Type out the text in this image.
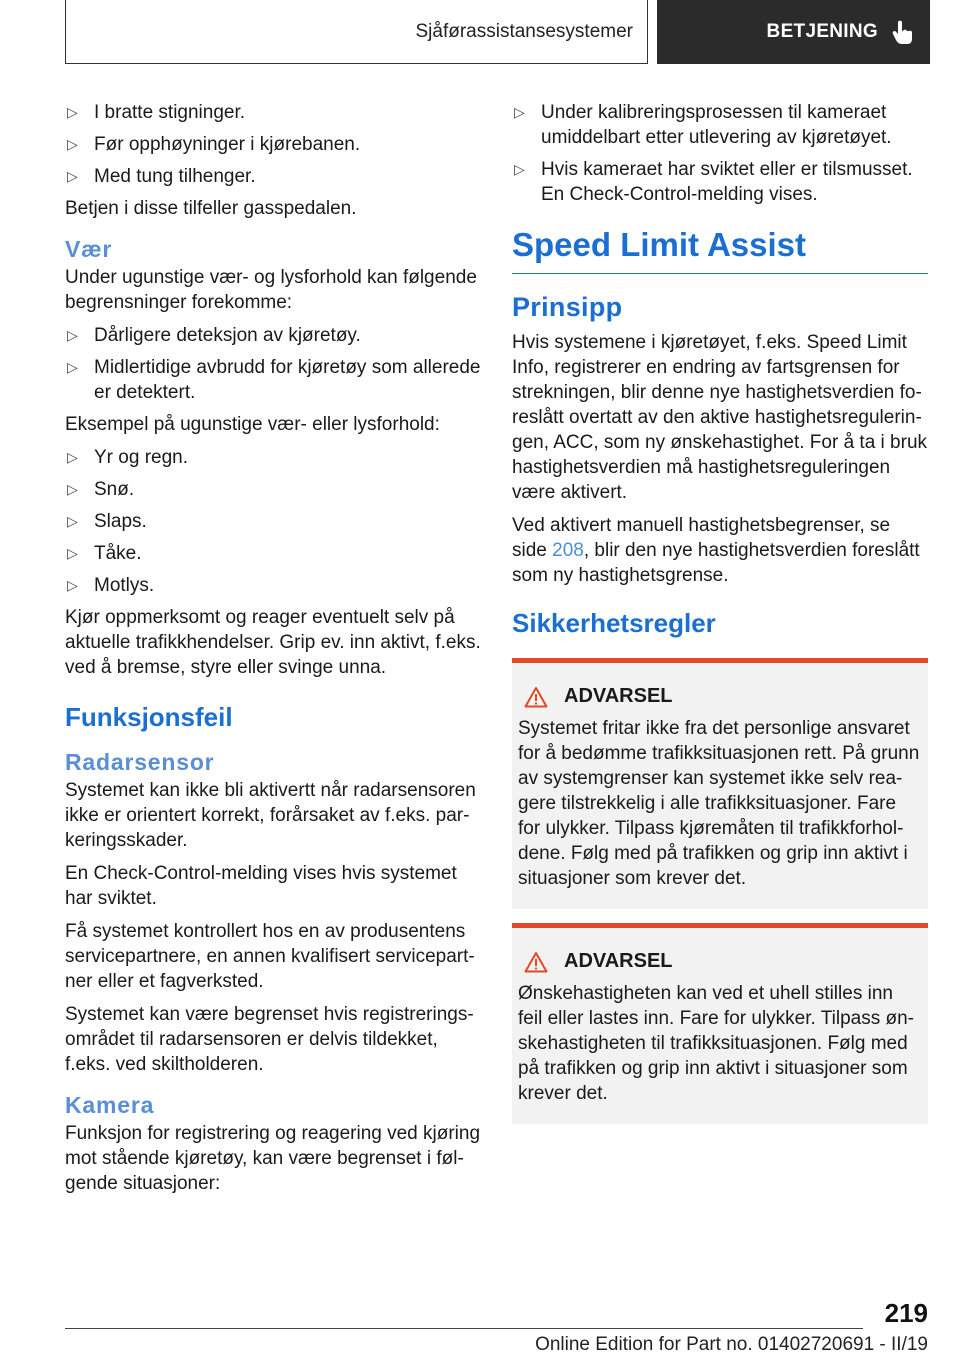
Sjåførassistansesystemer	BETJENING
▷ I bratte stigninger.
▷ Før opphøyninger i kjørebanen.
▷ Med tung tilhenger.

Betjen i disse tilfeller gasspedalen.

Vær

Under ugunstige vær- og lysforhold kan følgende begrensninger forekomme:

▷ Dårligere deteksjon av kjøretøy.
▷ Midlertidige avbrudd for kjøretøy som allerede er detektert.

Eksempel på ugunstige vær- eller lysforhold:

▷ Yr og regn.
▷ Snø.
▷ Slaps.
▷ Tåke.
▷ Motlys.

Kjør oppmerksomt og reager eventuelt selv på aktuelle trafikkhendelser. Grip ev. inn aktivt, f.eks. ved å bremse, styre eller svinge unna.

Funksjonsfeil
Radarsensor

Systemet kan ikke bli aktivertt når radarsensoren ikke er orientert korrekt, forårsaket av f.eks. parkeringsskader.

En Check-Control-melding vises hvis systemet har sviktet.

Få systemet kontrollert hos en av produsentens servicepartnere, en annen kvalifisert servicepartner eller et fagverksted.

Systemet kan være begrenset hvis registreringsområdet til radarsensoren er delvis tildekket, f.eks. ved skiltholderen.

Kamera

Funksjon for registrering og reagering ved kjøring mot stående kjøretøy, kan være begrenset i følgende situasjoner:

▷ Under kalibreringsprosessen til kameraet umiddelbart etter utlevering av kjøretøyet.
▷ Hvis kameraet har sviktet eller er tilsmusset. En Check-Control-melding vises.
Speed Limit Assist
Prinsipp

Hvis systemene i kjøretøyet, f.eks. Speed Limit Info, registrerer en endring av fartsgrensen for strekningen, blir denne nye hastighetsverdien foreslått overtatt av den aktive hastighetsreguleringen, ACC, som ny ønskehastighet. For å ta i bruk hastighetsverdien må hastighetsreguleringen være aktivert.

Ved aktivert manuell hastighetsbegrenser, se side 208, blir den nye hastighetsverdien foreslått som ny hastighetsgrense.

Sikkerhetsregler
ADVARSEL

Systemet fritar ikke fra det personlige ansvaret for å bedømme trafikksituasjonen rett. På grunn av systemgrenser kan systemet ikke selv reagere tilstrekkelig i alle trafikksituasjoner. Fare for ulykker. Tilpass kjøremåten til trafikkforholdene. Følg med på trafikken og grip inn aktivt i situasjoner som krever det.

ADVARSEL

Ønskehastigheten kan ved et uhell stilles inn feil eller lastes inn. Fare for ulykker. Tilpass ønskehastigheten til trafikksituasjonen. Følg med på trafikken og grip inn aktivt i situasjoner som krever det.

219
Online Edition for Part no. 01402720691 - II/19
